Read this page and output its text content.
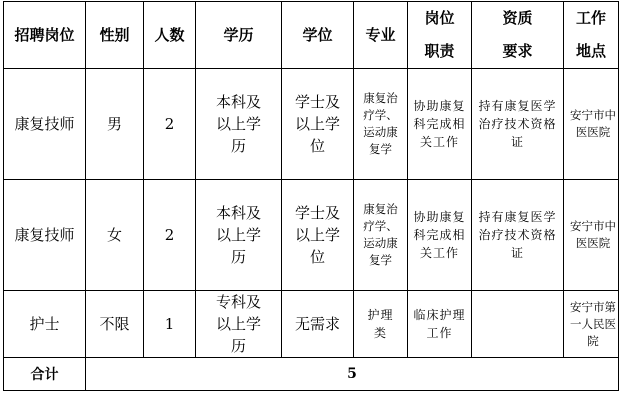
招聘岗位	性别	人数	学历	学位	专业	岗位职责	资质要求	工作地点

康复技师	男	2	本科及以上学历	学士及以上学位	康复治疗学、运动康复学	协助康复科完成相关工作	持有康复医学治疗技术资格证	安宁市中医医院

康复技师	女	2	本科及以上学历	学士及以上学位	康复治疗学、运动康复学	协助康复科完成相关工作	持有康复医学治疗技术资格证	安宁市中医医院

护士	不限	1	专科及以上学历	无需求	护理类	临床护理工作		安宁市第一人民医院

合计	5							
